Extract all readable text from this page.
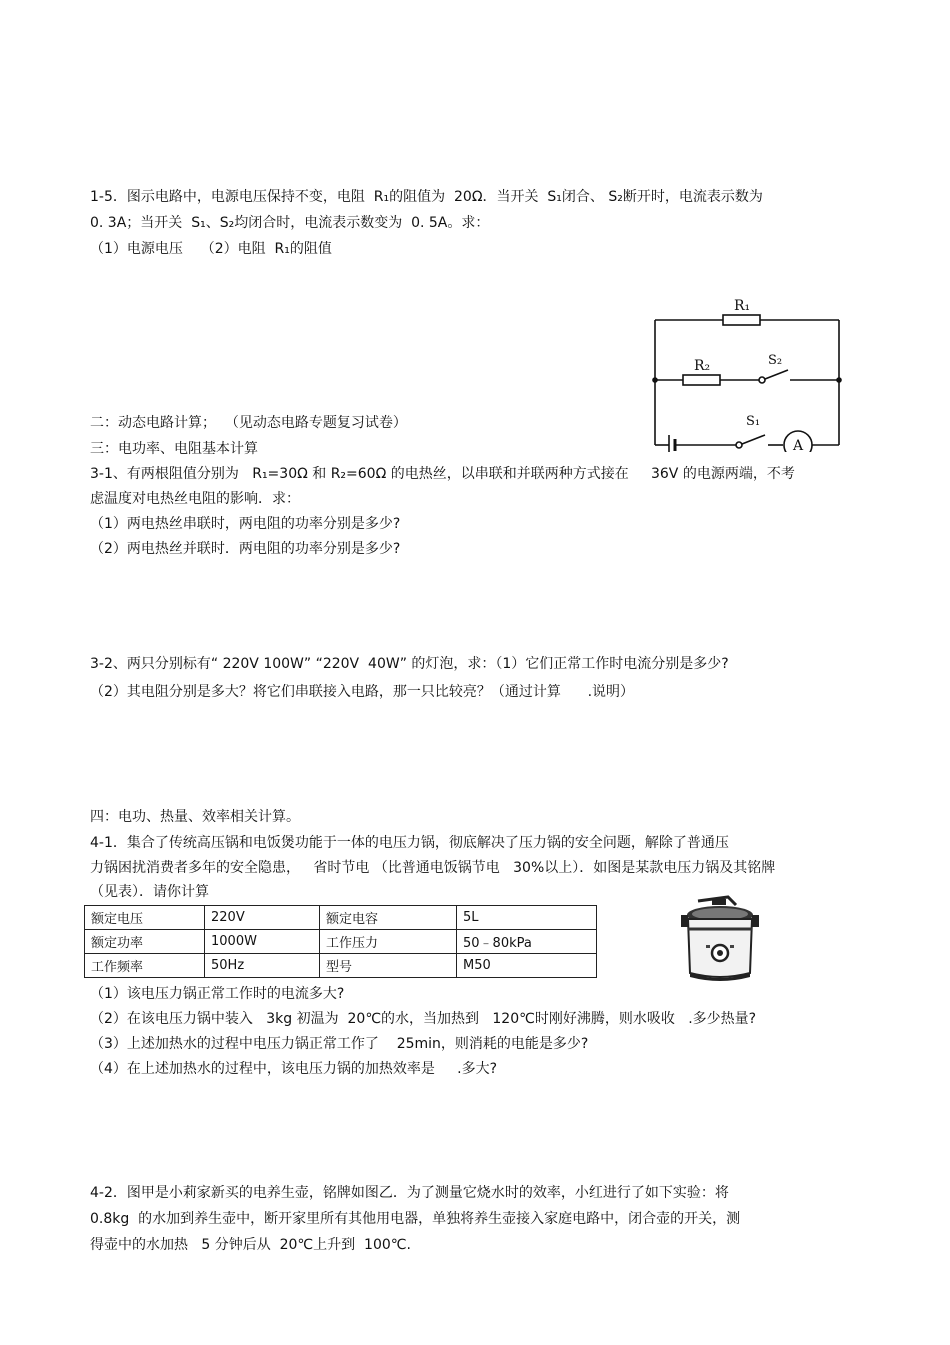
1-5．图示电路中，电源电压保持不变，电阻  R₁的阻值为  20Ω．当开关  S₁闭合、 S₂断开时，电流表示数为
0. 3A；当开关  S₁、S₂均闭合时，电流表示数变为  0. 5A。求：
（1）电源电压    （2）电阻  R₁的阻值
R₁
R₂	S₂
S₁
A
二：动态电路计算；  （见动态电路专题复习试卷）
三：电功率、电阻基本计算
3-1、有两根阻值分别为   R₁=30Ω 和 R₂=60Ω 的电热丝，以串联和并联两种方式接在     36V 的电源两端，不考
虑温度对电热丝电阻的影响．求：
（1）两电热丝串联时，两电阻的功率分别是多少?
（2）两电热丝并联时．两电阻的功率分别是多少?
3-2、两只分别标有“ 220V 100W” “220V  40W” 的灯泡，求：（1）它们正常工作时电流分别是多少?
（2）其电阻分别是多大？将它们串联接入电路，那一只比较亮？（通过计算      .说明）
四：电功、热量、效率相关计算。
4-1．集合了传统高压锅和电饭煲功能于一体的电压力锅，彻底解决了压力锅的安全问题，解除了普通压
力锅困扰消费者多年的安全隐患，   省时节电 （比普通电饭锅节电   30%以上）．如图是某款电压力锅及其铭牌
（见表）．请你计算
额定电压	220V	额定电容	5L
额定功率	1000W	工作压力	50﹣80kPa
工作频率	50Hz	型号	M50
（1）该电压力锅正常工作时的电流多大?
（2）在该电压力锅中装入   3kg 初温为  20℃的水，当加热到   120℃时刚好沸腾，则水吸收   .多少热量?
（3）上述加热水的过程中电压力锅正常工作了    25min，则消耗的电能是多少?
（4）在上述加热水的过程中，该电压力锅的加热效率是     .多大?
4-2．图甲是小莉家新买的电养生壶，铭牌如图乙．为了测量它烧水时的效率，小红进行了如下实验：将
0.8kg  的水加到养生壶中，断开家里所有其他用电器，单独将养生壶接入家庭电路中，闭合壶的开关，测
得壶中的水加热   5 分钟后从  20℃上升到  100℃.
